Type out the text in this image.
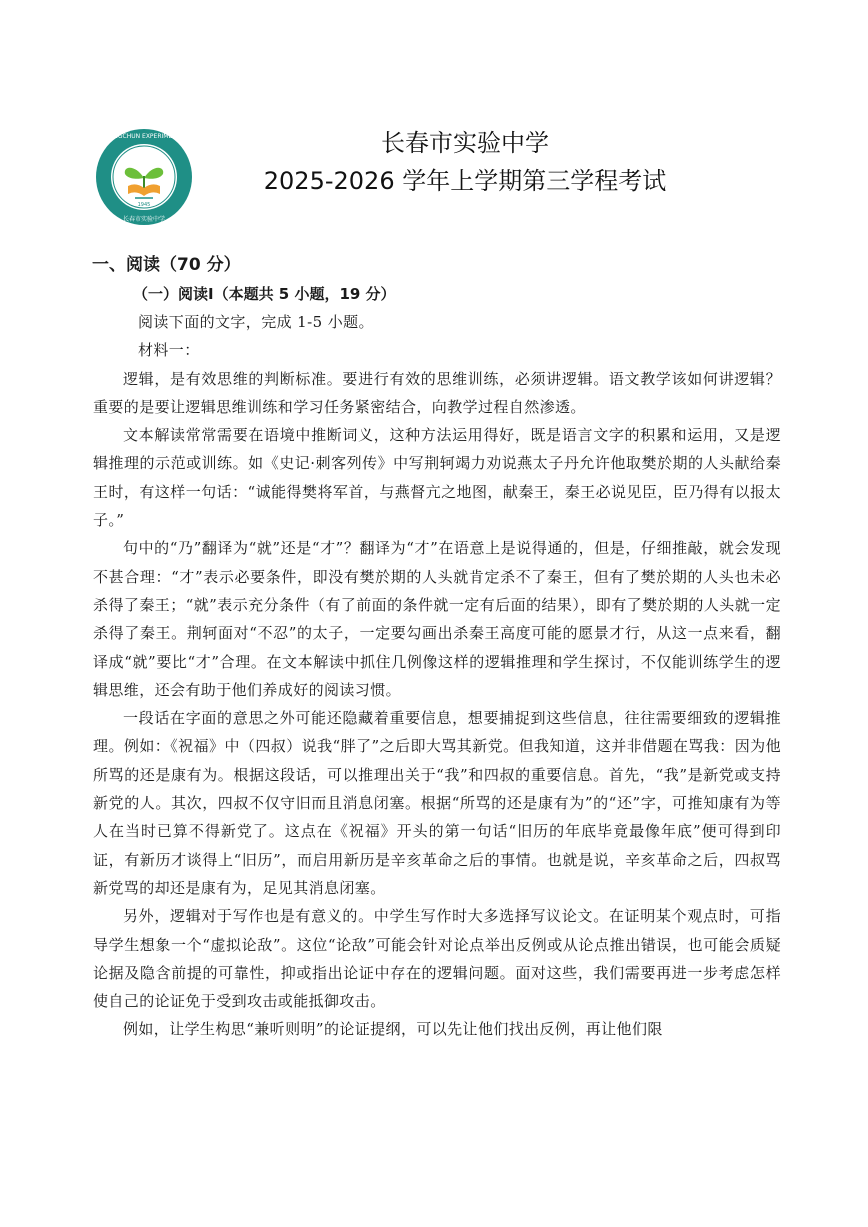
CHANGCHUN EXPERIMENTAL
长春市实验中学
1945
长春市实验中学
2025-2026 学年上学期第三学程考试
一、阅读（70 分）
（一）阅读Ⅰ（本题共 5 小题，19 分）

阅读下面的文字，完成 1-5 小题。

材料一：

逻辑，是有效思维的判断标准。要进行有效的思维训练，必须讲逻辑。语文教学该如何讲逻辑？重要的是要让逻辑思维训练和学习任务紧密结合，向教学过程自然渗透。

文本解读常常需要在语境中推断词义，这种方法运用得好，既是语言文字的积累和运用，又是逻辑推理的示范或训练。如《史记·刺客列传》中写荆轲竭力劝说燕太子丹允许他取樊於期的人头献给秦王时，有这样一句话：“诚能得樊将军首，与燕督亢之地图，献秦王，秦王必说见臣，臣乃得有以报太子。”

句中的“乃”翻译为“就”还是“才”？翻译为“才”在语意上是说得通的，但是，仔细推敲，就会发现不甚合理：“才”表示必要条件，即没有樊於期的人头就肯定杀不了秦王，但有了樊於期的人头也未必杀得了秦王；“就”表示充分条件（有了前面的条件就一定有后面的结果），即有了樊於期的人头就一定杀得了秦王。荆轲面对“不忍”的太子，一定要勾画出杀秦王高度可能的愿景才行，从这一点来看，翻译成“就”要比“才”合理。在文本解读中抓住几例像这样的逻辑推理和学生探讨，不仅能训练学生的逻辑思维，还会有助于他们养成好的阅读习惯。

一段话在字面的意思之外可能还隐藏着重要信息，想要捕捉到这些信息，往往需要细致的逻辑推理。例如：《祝福》中（四叔）说我“胖了”之后即大骂其新党。但我知道，这并非借题在骂我：因为他所骂的还是康有为。根据这段话，可以推理出关于“我”和四叔的重要信息。首先，“我”是新党或支持新党的人。其次，四叔不仅守旧而且消息闭塞。根据“所骂的还是康有为”的“还”字，可推知康有为等人在当时已算不得新党了。这点在《祝福》开头的第一句话“旧历的年底毕竟最像年底”便可得到印证，有新历才谈得上“旧历”，而启用新历是辛亥革命之后的事情。也就是说，辛亥革命之后，四叔骂新党骂的却还是康有为，足见其消息闭塞。

另外，逻辑对于写作也是有意义的。中学生写作时大多选择写议论文。在证明某个观点时，可指导学生想象一个“虚拟论敌”。这位“论敌”可能会针对论点举出反例或从论点推出错误，也可能会质疑论据及隐含前提的可靠性，抑或指出论证中存在的逻辑问题。面对这些，我们需要再进一步考虑怎样使自己的论证免于受到攻击或能抵御攻击。

例如，让学生构思“兼听则明”的论证提纲，可以先让他们找出反例，再让他们限
